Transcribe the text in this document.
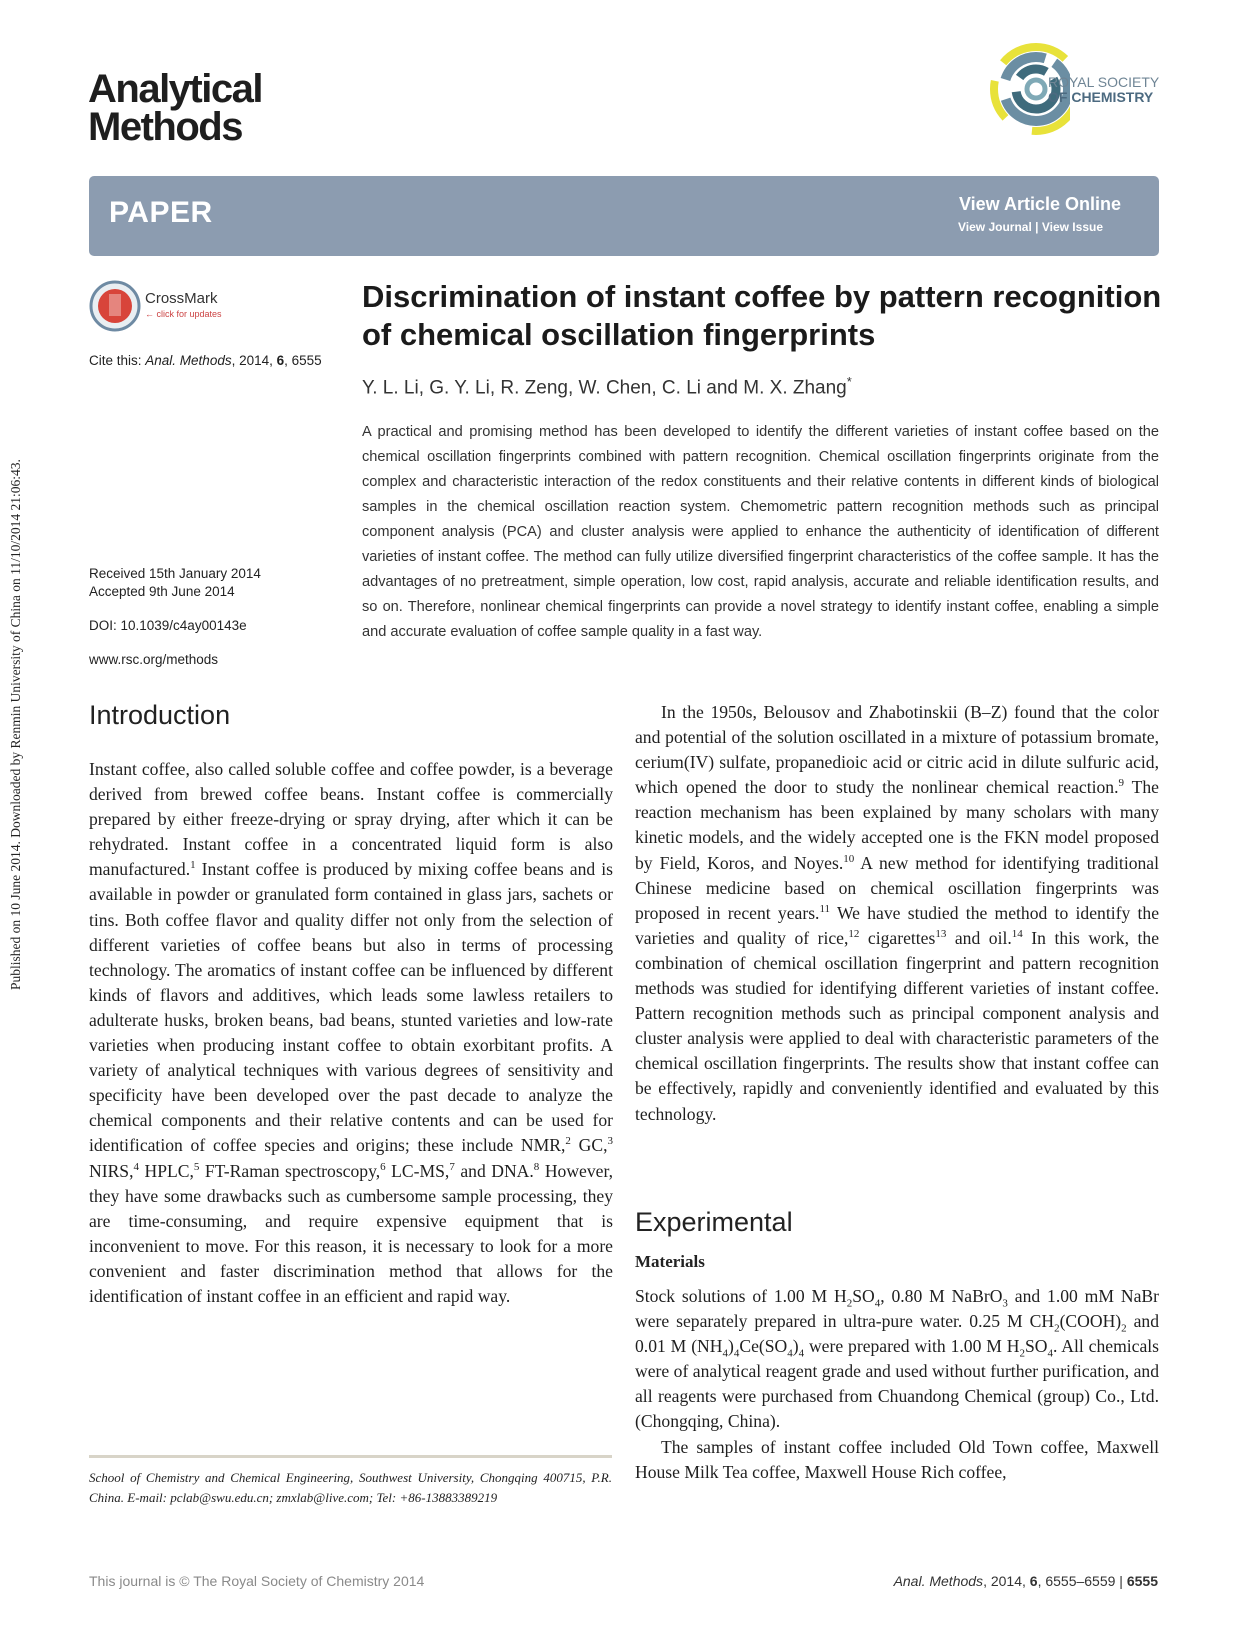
Published on 10 June 2014. Downloaded by Renmin University of China on 11/10/2014 21:06:43.
Analytical
Methods
ROYAL SOCIETY
OF CHEMISTRY
PAPER	View Article Online
View Journal | View Issue
CrossMark
← click for updates
Cite this: Anal. Methods, 2014, 6, 6555
Received 15th January 2014
Accepted 9th June 2014
DOI: 10.1039/c4ay00143e
www.rsc.org/methods
Discrimination of instant coffee by pattern recognition of chemical oscillation fingerprints
Y. L. Li, G. Y. Li, R. Zeng, W. Chen, C. Li and M. X. Zhang*
A practical and promising method has been developed to identify the different varieties of instant coffee based on the chemical oscillation fingerprints combined with pattern recognition. Chemical oscillation fingerprints originate from the complex and characteristic interaction of the redox constituents and their relative contents in different kinds of biological samples in the chemical oscillation reaction system. Chemometric pattern recognition methods such as principal component analysis (PCA) and cluster analysis were applied to enhance the authenticity of identification of different varieties of instant coffee. The method can fully utilize diversified fingerprint characteristics of the coffee sample. It has the advantages of no pretreatment, simple operation, low cost, rapid analysis, accurate and reliable identification results, and so on. Therefore, nonlinear chemical fingerprints can provide a novel strategy to identify instant coffee, enabling a simple and accurate evaluation of coffee sample quality in a fast way.
Introduction

Instant coffee, also called soluble coffee and coffee powder, is a beverage derived from brewed coffee beans. Instant coffee is commercially prepared by either freeze-drying or spray drying, after which it can be rehydrated. Instant coffee in a concentrated liquid form is also manufactured.$^1$ Instant coffee is produced by mixing coffee beans and is available in powder or granulated form contained in glass jars, sachets or tins. Both coffee flavor and quality differ not only from the selection of different varieties of coffee beans but also in terms of processing technology. The aromatics of instant coffee can be influenced by different kinds of flavors and additives, which leads some lawless retailers to adulterate husks, broken beans, bad beans, stunted varieties and low-rate varieties when producing instant coffee to obtain exorbitant profits. A variety of analytical techniques with various degrees of sensitivity and specificity have been developed over the past decade to analyze the chemical components and their relative contents and can be used for identification of coffee species and origins; these include NMR,$^2$ GC,$^3$ NIRS,$^4$ HPLC,$^5$ FT-Raman spectroscopy,$^6$ LC-MS,$^7$ and DNA.$^8$ However, they have some drawbacks such as cumbersome sample processing, they are time-consuming, and require expensive equipment that is inconvenient to move. For this reason, it is necessary to look for a more convenient and faster discrimination method that allows for the identification of instant coffee in an efficient and rapid way.

In the 1950s, Belousov and Zhabotinskii (B–Z) found that the color and potential of the solution oscillated in a mixture of potassium bromate, cerium(IV) sulfate, propanedioic acid or citric acid in dilute sulfuric acid, which opened the door to study the nonlinear chemical reaction.$^9$ The reaction mechanism has been explained by many scholars with many kinetic models, and the widely accepted one is the FKN model proposed by Field, Koros, and Noyes.$^{10}$ A new method for identifying traditional Chinese medicine based on chemical oscillation fingerprints was proposed in recent years.$^{11}$ We have studied the method to identify the varieties and quality of rice,$^{12}$ cigarettes$^{13}$ and oil.$^{14}$ In this work, the combination of chemical oscillation fingerprint and pattern recognition methods was studied for identifying different varieties of instant coffee. Pattern recognition methods such as principal component analysis and cluster analysis were applied to deal with characteristic parameters of the chemical oscillation fingerprints. The results show that instant coffee can be effectively, rapidly and conveniently identified and evaluated by this technology.

Experimental
Materials

Stock solutions of 1.00 M $H_2SO_4$, 0.80 M NaBrO$_3$ and 1.00 mM NaBr were separately prepared in ultra-pure water. 0.25 M $CH_2(COOH)_2$ and 0.01 M $(NH_4)_4Ce(SO_4)_4$ were prepared with 1.00 M $H_2SO_4$. All chemicals were of analytical reagent grade and used without further purification, and all reagents were purchased from Chuandong Chemical (group) Co., Ltd. (Chongqing, China).

The samples of instant coffee included Old Town coffee, Maxwell House Milk Tea coffee, Maxwell House Rich coffee,

School of Chemistry and Chemical Engineering, Southwest University, Chongqing 400715, P.R. China. E-mail: pclab@swu.edu.cn; zmxlab@live.com; Tel: +86-13883389219
This journal is © The Royal Society of Chemistry 2014	Anal. Methods, 2014, 6, 6555–6559 | 6555
